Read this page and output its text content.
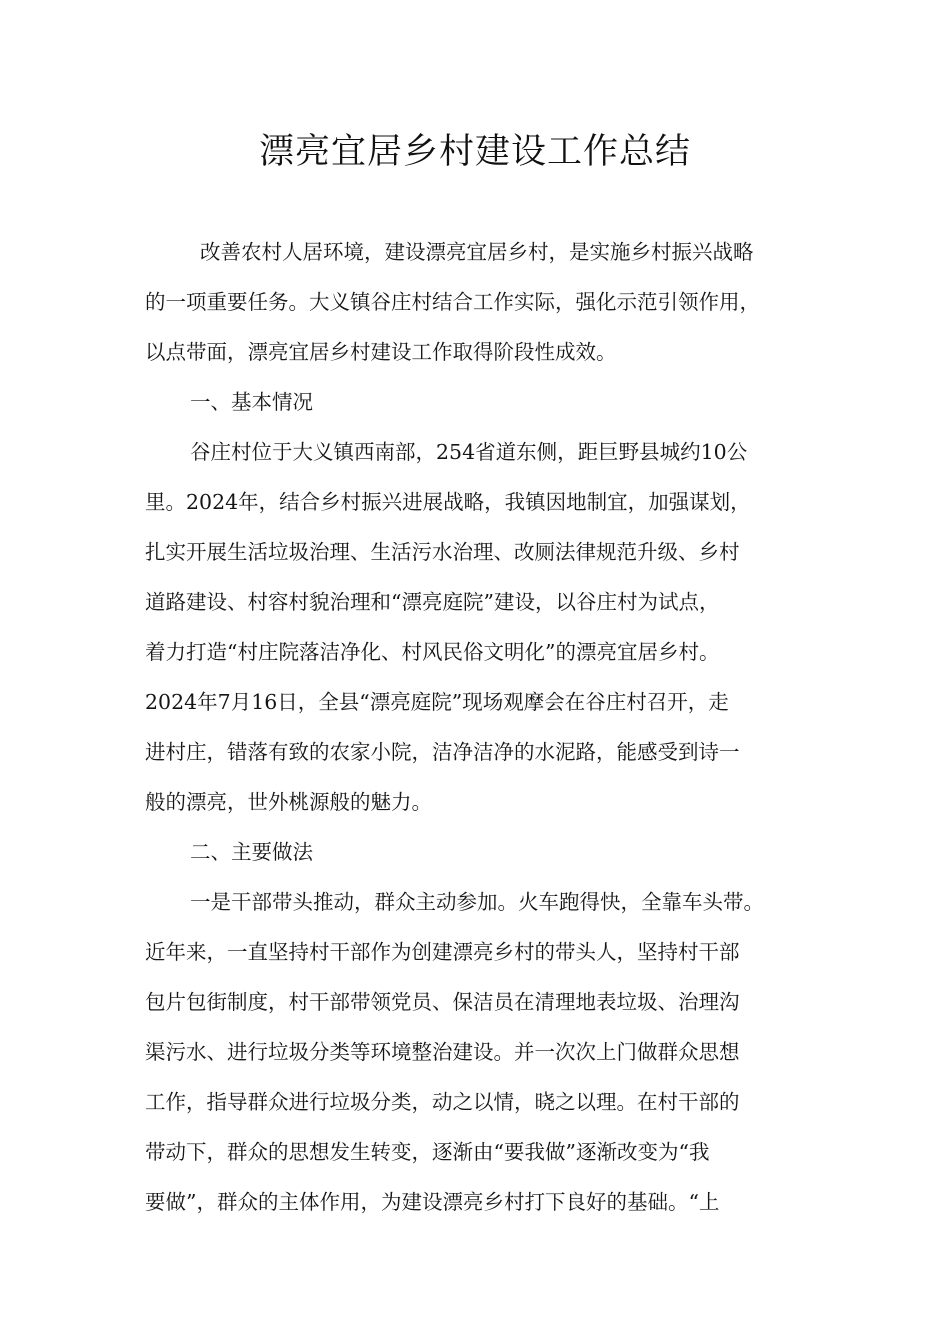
漂亮宜居乡村建设工作总结
改善农村人居环境，建设漂亮宜居乡村，是实施乡村振兴战略
的一项重要任务。大义镇谷庄村结合工作实际，强化示范引领作用，
以点带面，漂亮宜居乡村建设工作取得阶段性成效。
一、基本情况
谷庄村位于大义镇西南部，254省道东侧，距巨野县城约10公
里。2024年，结合乡村振兴进展战略，我镇因地制宜，加强谋划，
扎实开展生活垃圾治理、生活污水治理、改厕法律规范升级、乡村
道路建设、村容村貌治理和“漂亮庭院”建设，以谷庄村为试点，
着力打造“村庄院落洁净化、村风民俗文明化”的漂亮宜居乡村。
2024年7月16日，全县“漂亮庭院”现场观摩会在谷庄村召开，走
进村庄，错落有致的农家小院，洁净洁净的水泥路，能感受到诗一
般的漂亮，世外桃源般的魅力。
二、主要做法
一是干部带头推动，群众主动参加。火车跑得快，全靠车头带。
近年来，一直坚持村干部作为创建漂亮乡村的带头人，坚持村干部
包片包街制度，村干部带领党员、保洁员在清理地表垃圾、治理沟
渠污水、进行垃圾分类等环境整治建设。并一次次上门做群众思想
工作，指导群众进行垃圾分类，动之以情，晓之以理。在村干部的
带动下，群众的思想发生转变，逐渐由“要我做”逐渐改变为“我
要做”，群众的主体作用，为建设漂亮乡村打下良好的基础。“上
